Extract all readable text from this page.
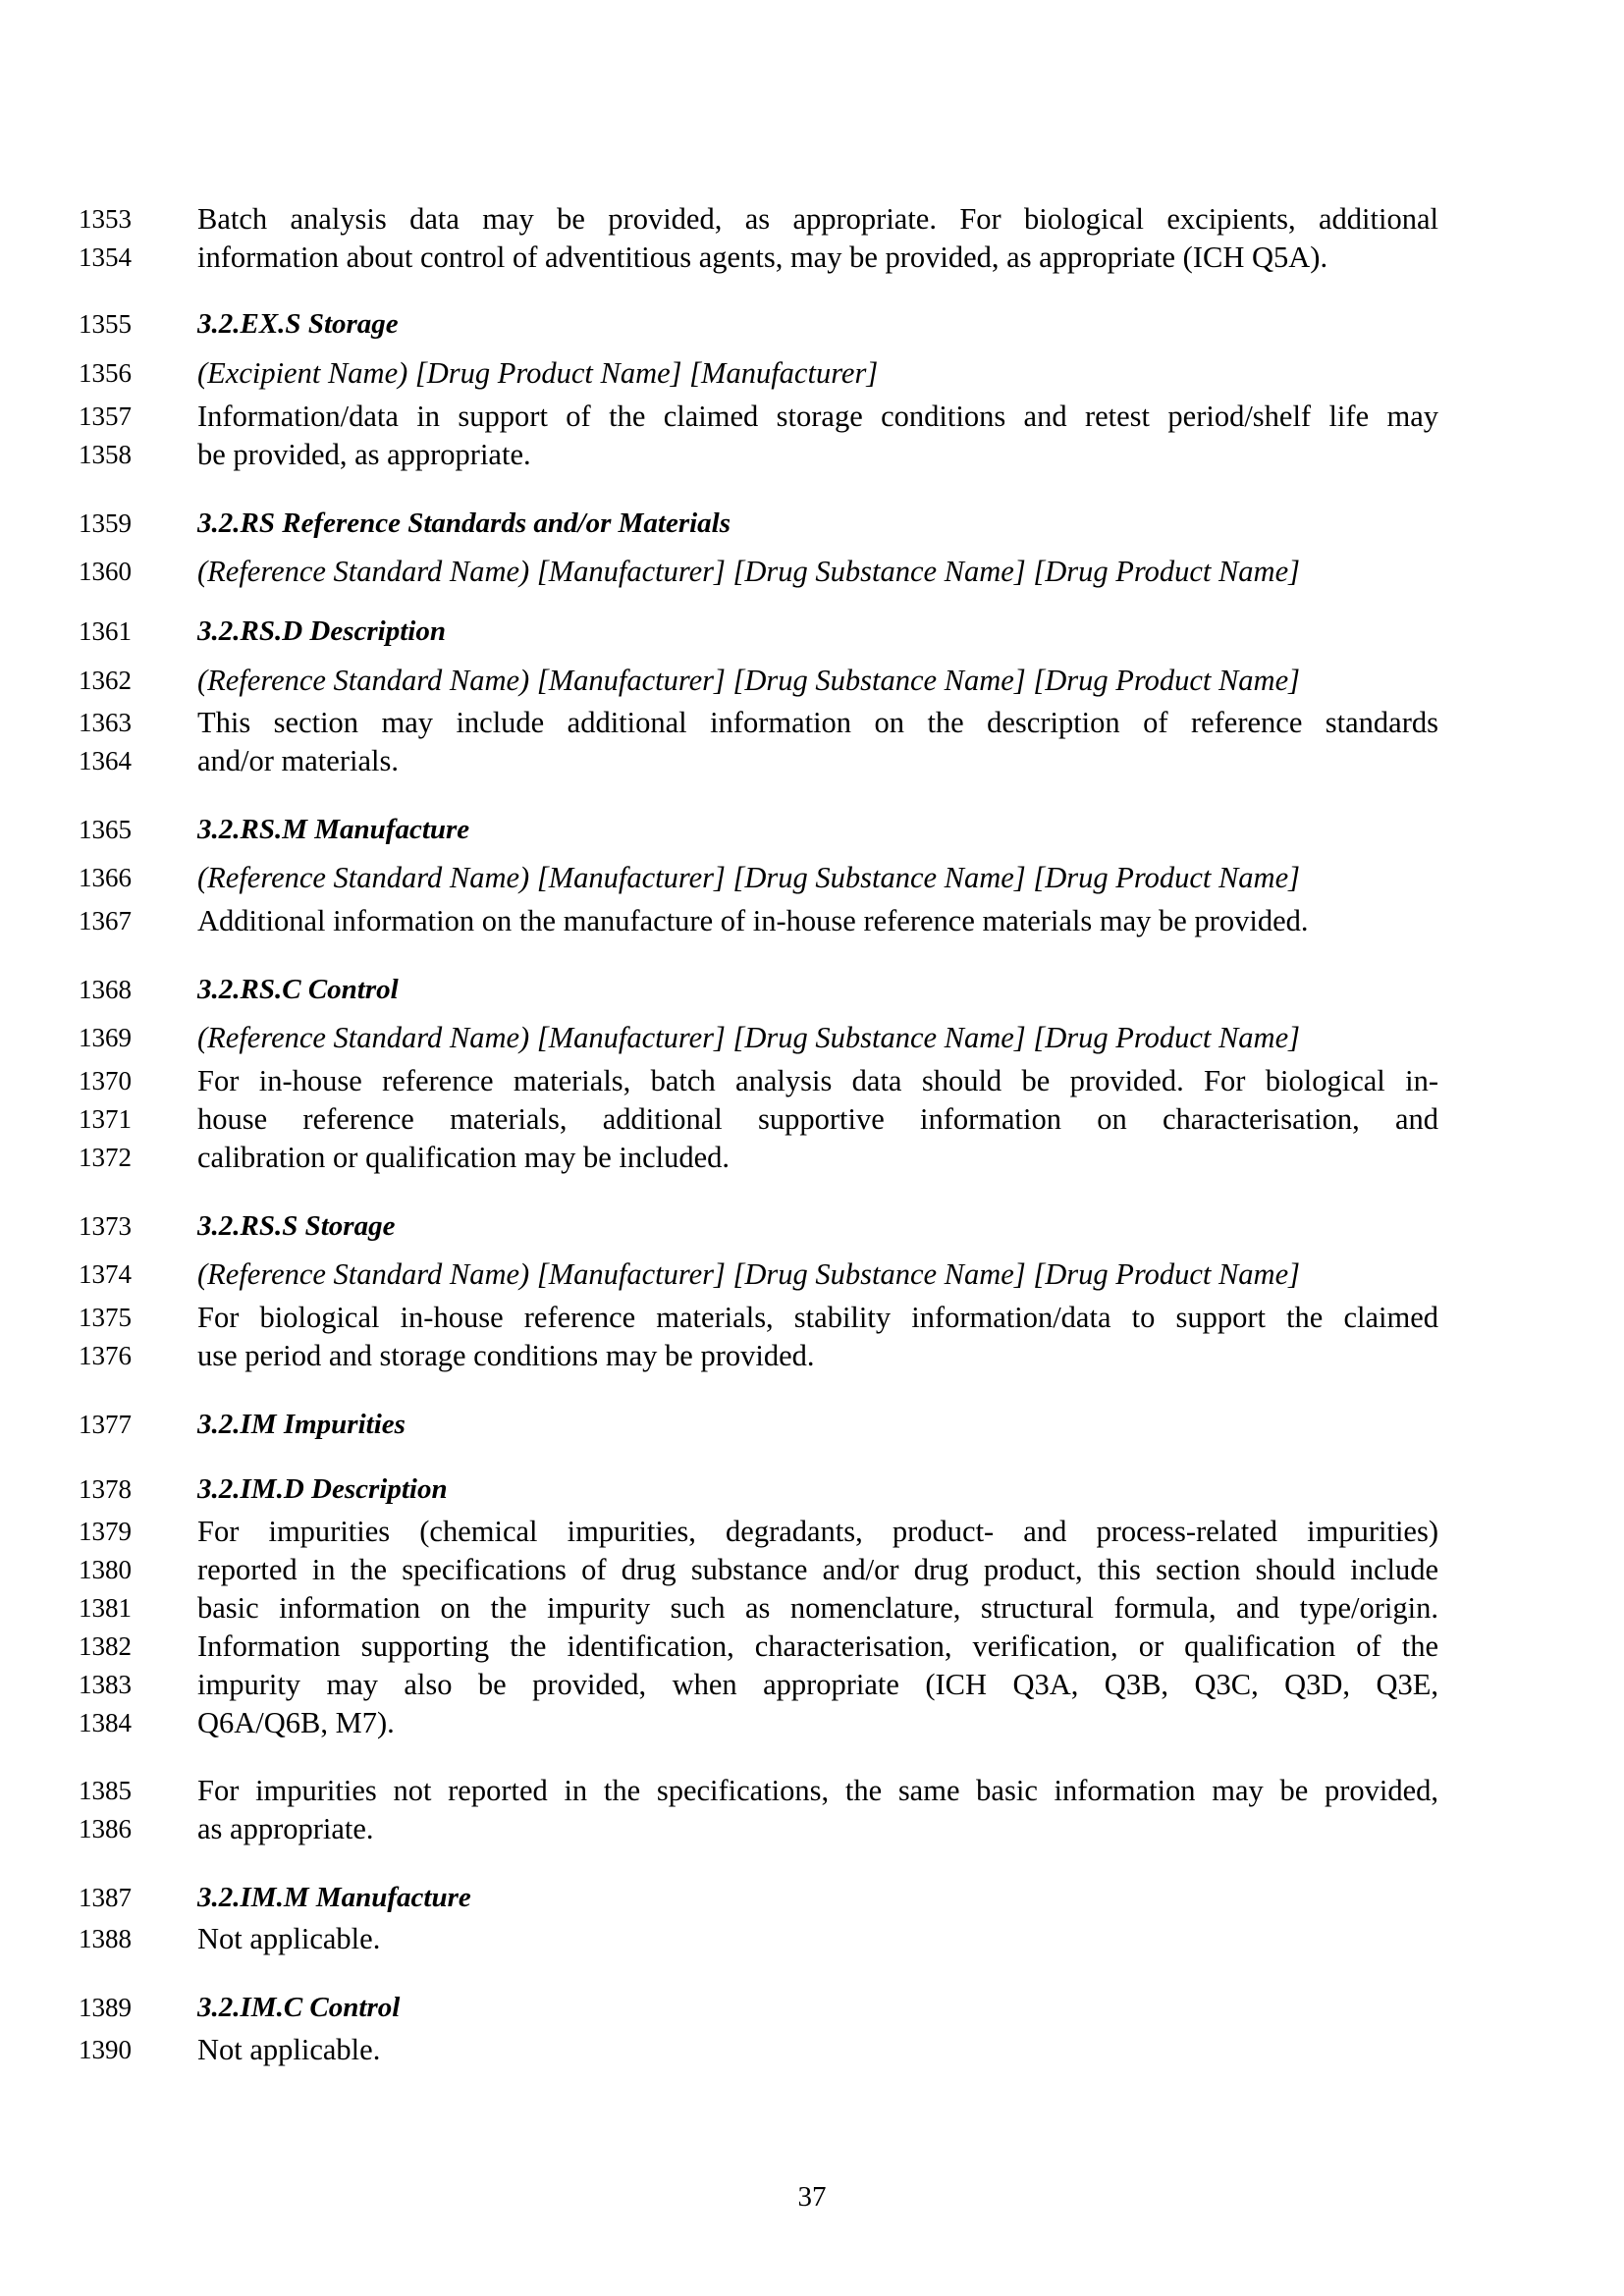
1353	Batch analysis data may be provided, as appropriate. For biological excipients, additional
1354	information about control of adventitious agents, may be provided, as appropriate (ICH Q5A).
1355	3.2.EX.S Storage
1356	(Excipient Name) [Drug Product Name] [Manufacturer]
1357	Information/data in support of the claimed storage conditions and retest period/shelf life may
1358	be provided, as appropriate.
1359	3.2.RS Reference Standards and/or Materials
1360	(Reference Standard Name) [Manufacturer] [Drug Substance Name] [Drug Product Name]
1361	3.2.RS.D Description
1362	(Reference Standard Name) [Manufacturer] [Drug Substance Name] [Drug Product Name]
1363	This section may include additional information on the description of reference standards
1364	and/or materials.
1365	3.2.RS.M Manufacture
1366	(Reference Standard Name) [Manufacturer] [Drug Substance Name] [Drug Product Name]
1367	Additional information on the manufacture of in-house reference materials may be provided.
1368	3.2.RS.C Control
1369	(Reference Standard Name) [Manufacturer] [Drug Substance Name] [Drug Product Name]
1370	For in-house reference materials, batch analysis data should be provided. For biological in-
1371	house reference materials, additional supportive information on characterisation, and
1372	calibration or qualification may be included.
1373	3.2.RS.S Storage
1374	(Reference Standard Name) [Manufacturer] [Drug Substance Name] [Drug Product Name]
1375	For biological in-house reference materials, stability information/data to support the claimed
1376	use period and storage conditions may be provided.
1377	3.2.IM Impurities
1378	3.2.IM.D Description
1379	For impurities (chemical impurities, degradants, product- and process-related impurities)
1380	reported in the specifications of drug substance and/or drug product, this section should include
1381	basic information on the impurity such as nomenclature, structural formula, and type/origin.
1382	Information supporting the identification, characterisation, verification, or qualification of the
1383	impurity may also be provided, when appropriate (ICH Q3A, Q3B, Q3C, Q3D, Q3E,
1384	Q6A/Q6B, M7).
1385	For impurities not reported in the specifications, the same basic information may be provided,
1386	as appropriate.
1387	3.2.IM.M Manufacture
1388	Not applicable.
1389	3.2.IM.C Control
1390	Not applicable.
37
